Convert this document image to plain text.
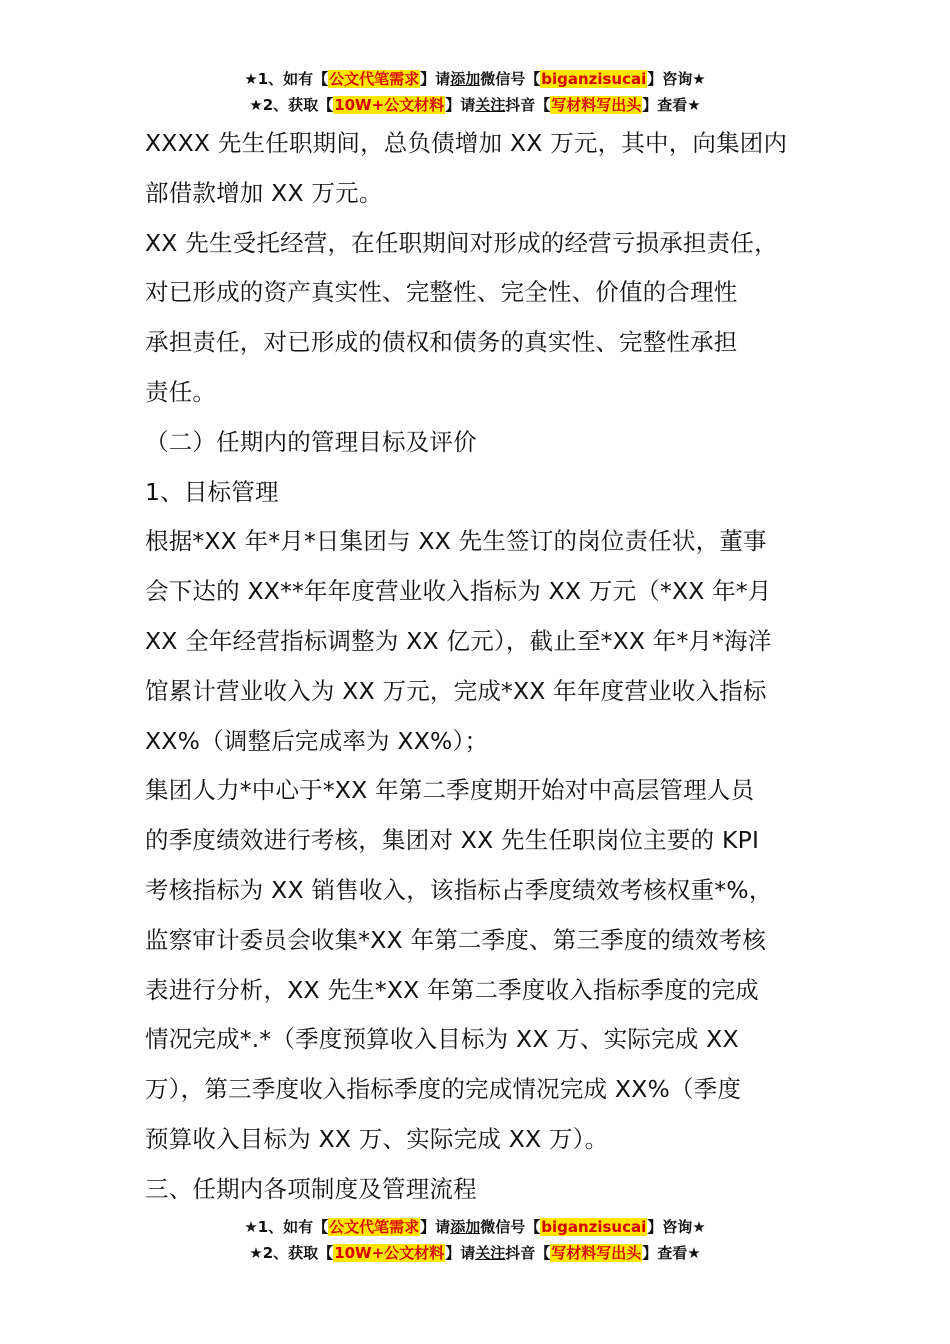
★1、如有【公文代笔需求】请添加微信号【biganzisucai】咨询★
★2、获取【10W+公文材料】请关注抖音【写材料写出头】查看★

XXXX 先生任职期间，总负债增加 XX 万元，其中，向集团内

部借款增加 XX 万元。

XX 先生受托经营，在任职期间对形成的经营亏损承担责任，

对已形成的资产真实性、完整性、完全性、价值的合理性

承担责任，对已形成的债权和债务的真实性、完整性承担

责任。

（二）任期内的管理目标及评价

1、目标管理

根据*XX 年*月*日集团与 XX 先生签订的岗位责任状，董事

会下达的 XX**年年度营业收入指标为 XX 万元（*XX 年*月

XX 全年经营指标调整为 XX 亿元），截止至*XX 年*月*海洋

馆累计营业收入为 XX 万元，完成*XX 年年度营业收入指标

XX%（调整后完成率为 XX%）；

集团人力*中心于*XX 年第二季度期开始对中高层管理人员

的季度绩效进行考核，集团对 XX 先生任职岗位主要的 KPI

考核指标为 XX 销售收入，该指标占季度绩效考核权重*%，

监察审计委员会收集*XX 年第二季度、第三季度的绩效考核

表进行分析，XX 先生*XX 年第二季度收入指标季度的完成

情况完成*.*（季度预算收入目标为 XX 万、实际完成 XX

万），第三季度收入指标季度的完成情况完成 XX%（季度

预算收入目标为 XX 万、实际完成 XX 万）。

三、任期内各项制度及管理流程

★1、如有【公文代笔需求】请添加微信号【biganzisucai】咨询★
★2、获取【10W+公文材料】请关注抖音【写材料写出头】查看★
